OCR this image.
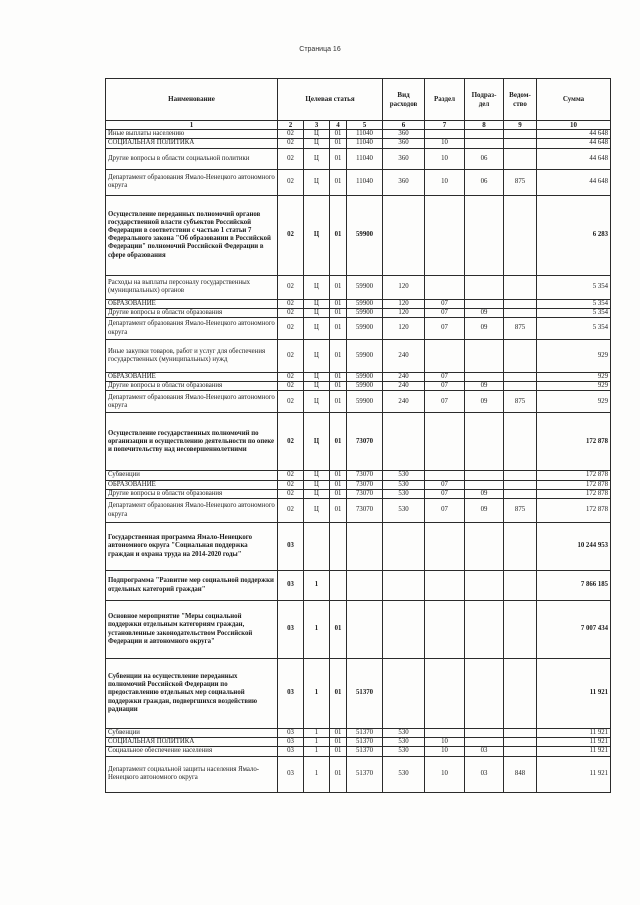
Страница 16
Наименование	Целевая статья				Вид расходов	Раздел	Подраз-дел	Ведом-ство	Сумма
1	2	3	4	5	6	7	8	9	10
Иные выплаты населению	02	Ц	01	11040	360				44 648
СОЦИАЛЬНАЯ ПОЛИТИКА	02	Ц	01	11040	360	10			44 648
Другие вопросы в области социальной политики	02	Ц	01	11040	360	10	06		44 648
Департамент образования Ямало-Ненецкого автономного округа	02	Ц	01	11040	360	10	06	875	44 648
Осуществление переданных полномочий органов государственной власти субъектов Российской Федерации в соответствии с частью 1 статьи 7 Федерального закона "Об образовании в Российской Федерации" полномочий Российской Федерации в сфере образования	02	Ц	01	59900					6 283
Расходы на выплаты персоналу государственных (муниципальных) органов	02	Ц	01	59900	120				5 354
ОБРАЗОВАНИЕ	02	Ц	01	59900	120	07			5 354
Другие вопросы в области образования	02	Ц	01	59900	120	07	09		5 354
Департамент образования Ямало-Ненецкого автономного округа	02	Ц	01	59900	120	07	09	875	5 354
Иные закупки товаров, работ и услуг для обеспечения государственных (муниципальных) нужд	02	Ц	01	59900	240				929
ОБРАЗОВАНИЕ	02	Ц	01	59900	240	07			929
Другие вопросы в области образования	02	Ц	01	59900	240	07	09		929
Департамент образования Ямало-Ненецкого автономного округа	02	Ц	01	59900	240	07	09	875	929
Осуществление государственных полномочий по организации и осуществлению деятельности по опеке и попечительству над несовершеннолетними	02	Ц	01	73070					172 878
Субвенции	02	Ц	01	73070	530				172 878
ОБРАЗОВАНИЕ	02	Ц	01	73070	530	07			172 878
Другие вопросы в области образования	02	Ц	01	73070	530	07	09		172 878
Департамент образования Ямало-Ненецкого автономного округа	02	Ц	01	73070	530	07	09	875	172 878
Государственная программа Ямало-Ненецкого автономного округа "Социальная поддержка граждан и охрана труда на 2014-2020 годы"	03								10 244 953
Подпрограмма "Развитие мер социальной поддержки отдельных категорий граждан"	03	1							7 866 185
Основное мероприятие "Меры социальной поддержки отдельным категориям граждан, установленные законодательством Российской Федерации и автономного округа"	03	1	01						7 007 434
Субвенции на осуществление переданных полномочий Российской Федерации по предоставлению отдельных мер социальной поддержки граждан, подвергшихся воздействию радиации	03	1	01	51370					11 921
Субвенции	03	1	01	51370	530				11 921
СОЦИАЛЬНАЯ ПОЛИТИКА	03	1	01	51370	530	10			11 921
Социальное обеспечение населения	03	1	01	51370	530	10	03		11 921
Департамент социальной защиты населения Ямало-Ненецкого автономного округа	03	1	01	51370	530	10	03	848	11 921
